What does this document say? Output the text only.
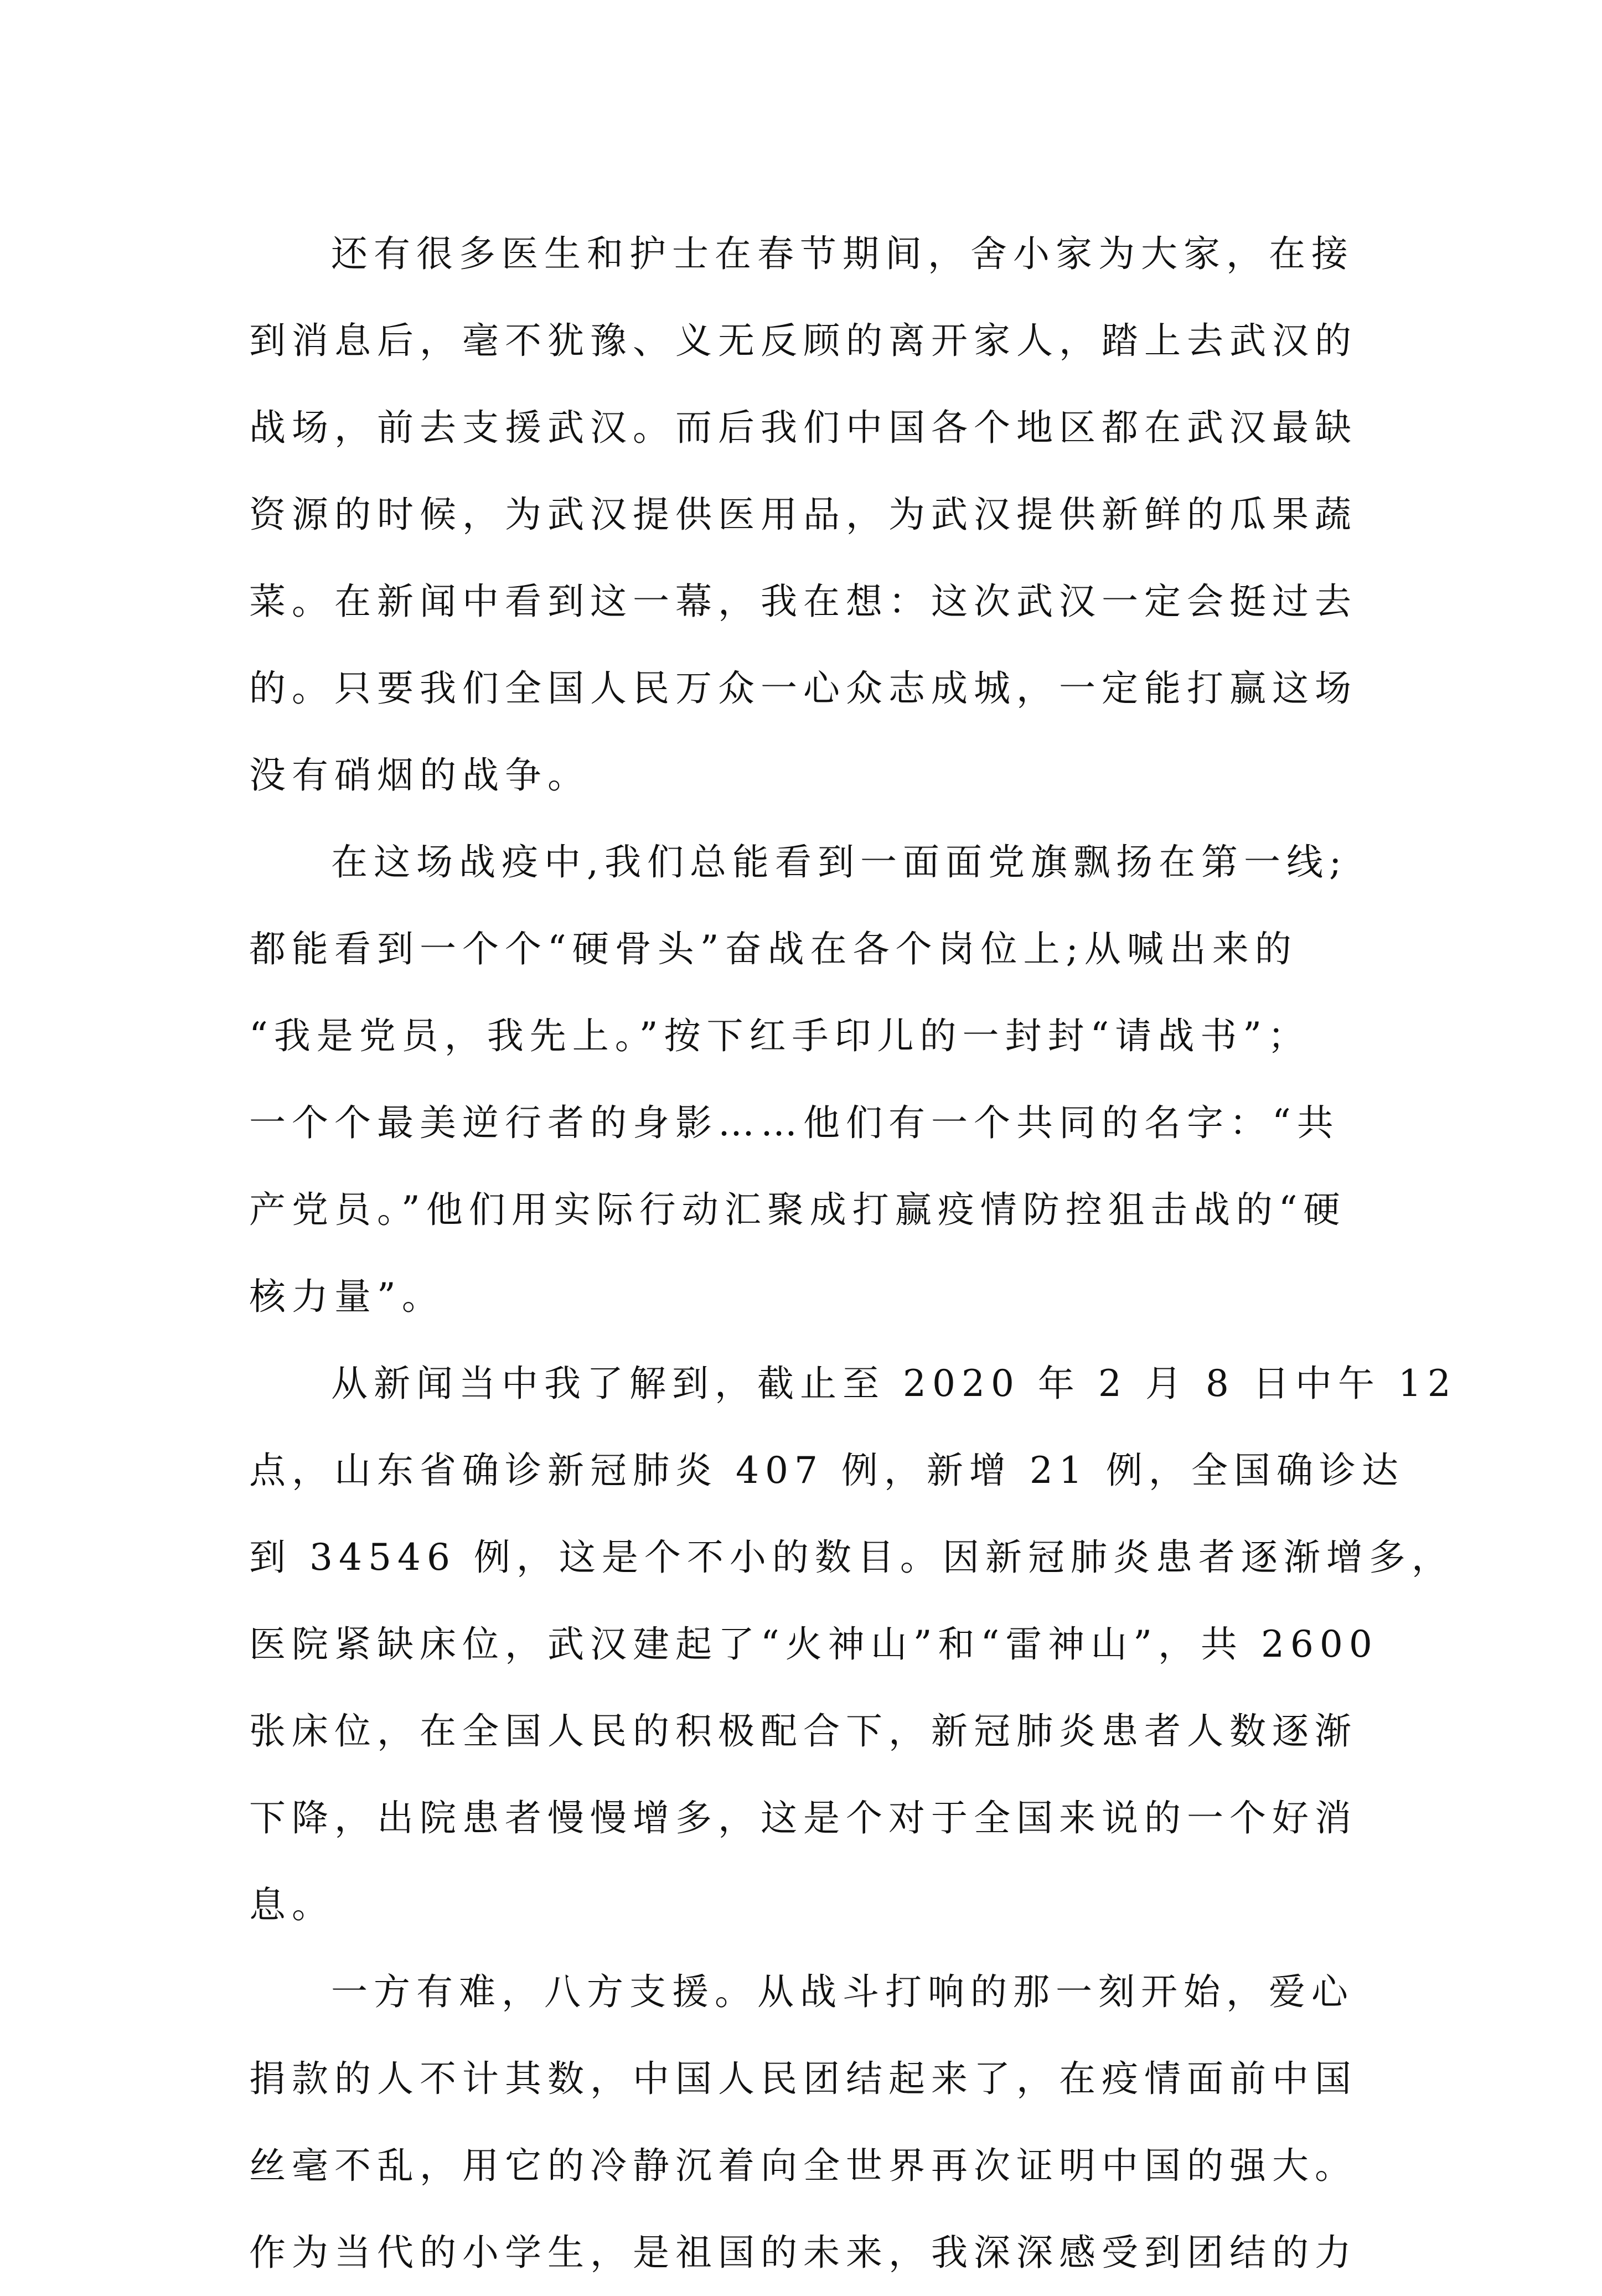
还有很多医生和护士在春节期间，舍小家为大家，在接
到消息后，毫不犹豫、义无反顾的离开家人，踏上去武汉的
战场，前去支援武汉。而后我们中国各个地区都在武汉最缺
资源的时候，为武汉提供医用品，为武汉提供新鲜的瓜果蔬
菜。在新闻中看到这一幕，我在想：这次武汉一定会挺过去
的。只要我们全国人民万众一心众志成城，一定能打赢这场
没有硝烟的战争。
在这场战疫中,我们总能看到一面面党旗飘扬在第一线;
都能看到一个个“硬骨头”奋战在各个岗位上;从喊出来的
“我是党员，我先上。”按下红手印儿的一封封“请战书”；
一个个最美逆行者的身影……他们有一个共同的名字：“共
产党员。”他们用实际行动汇聚成打赢疫情防控狙击战的“硬
核力量”。
从新闻当中我了解到，截止至 2020 年 2 月 8 日中午 12
点，山东省确诊新冠肺炎 407 例，新增 21 例，全国确诊达
到 34546 例，这是个不小的数目。因新冠肺炎患者逐渐增多，
医院紧缺床位，武汉建起了“火神山”和“雷神山”，共 2600
张床位，在全国人民的积极配合下，新冠肺炎患者人数逐渐
下降，出院患者慢慢增多，这是个对于全国来说的一个好消
息。
一方有难，八方支援。从战斗打响的那一刻开始，爱心
捐款的人不计其数，中国人民团结起来了，在疫情面前中国
丝毫不乱，用它的冷静沉着向全世界再次证明中国的强大。
作为当代的小学生，是祖国的未来，我深深感受到团结的力
